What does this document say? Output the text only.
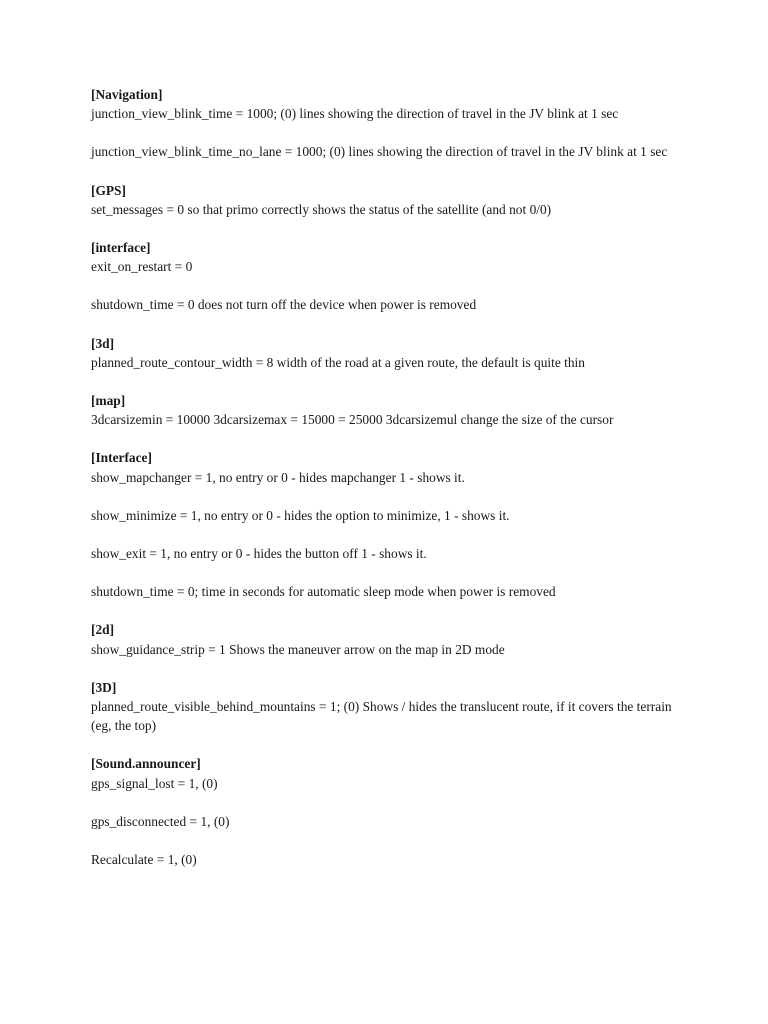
[Navigation]

junction_view_blink_time = 1000; (0) lines showing the direction of travel in the JV blink at 1 sec

junction_view_blink_time_no_lane = 1000; (0) lines showing the direction of travel in the JV blink at 1 sec

[GPS]

set_messages = 0 so that primo correctly shows the status of the satellite (and not 0/0)

[interface]

exit_on_restart = 0

shutdown_time = 0 does not turn off the device when power is removed

[3d]

planned_route_contour_width = 8 width of the road at a given route, the default is quite thin

[map]

3dcarsizemin = 10000 3dcarsizemax = 15000 = 25000 3dcarsizemul change the size of the cursor

[Interface]

show_mapchanger = 1, no entry or 0 - hides mapchanger 1 - shows it.

show_minimize = 1, no entry or 0 - hides the option to minimize, 1 - shows it.

show_exit = 1, no entry or 0 - hides the button off 1 - shows it.

shutdown_time = 0; time in seconds for automatic sleep mode when power is removed

[2d]

show_guidance_strip = 1 Shows the maneuver arrow on the map in 2D mode

[3D]

planned_route_visible_behind_mountains = 1; (0) Shows / hides the translucent route, if it covers the terrain (eg, the top)

[Sound.announcer]

gps_signal_lost = 1, (0)

gps_disconnected = 1, (0)

Recalculate = 1, (0)
